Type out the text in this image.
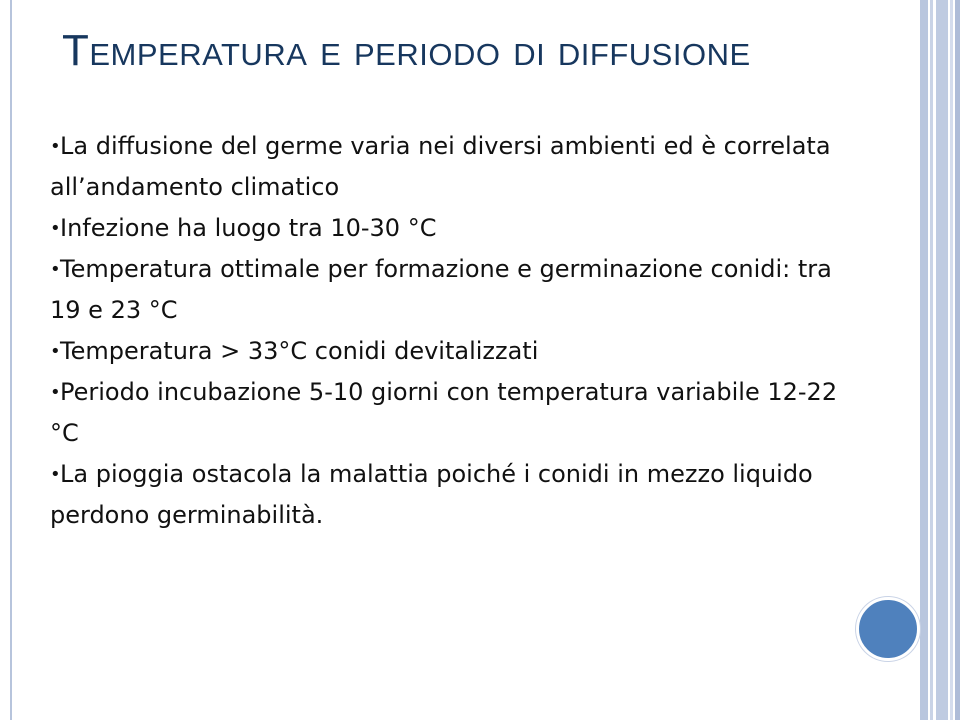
Temperatura e periodo di diffusione

•La diffusione del germe varia nei diversi ambienti ed è correlata all’andamento climatico

•Infezione ha luogo tra 10-30 °C

•Temperatura ottimale per formazione e germinazione conidi: tra 19 e 23 °C

•Temperatura > 33°C conidi devitalizzati

•Periodo incubazione 5-10 giorni con temperatura variabile 12-22 °C

•La pioggia ostacola la malattia poiché i conidi in mezzo liquido perdono germinabilità.
